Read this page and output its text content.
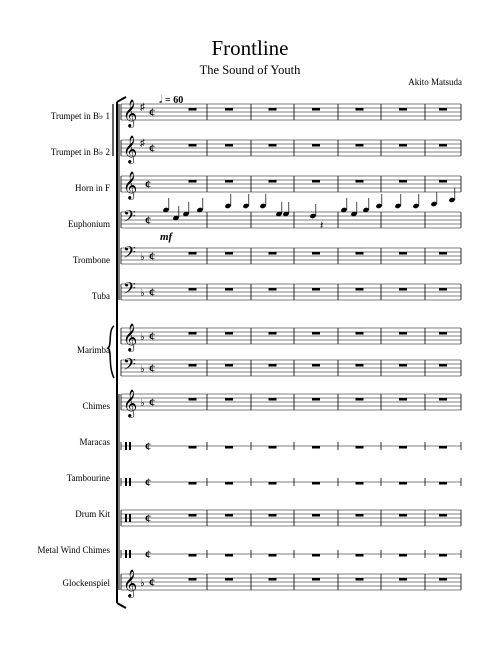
Frontline
The Sound of Youth
Akito Matsuda
𝅗𝅥 = 60
Trumpet in B♭ 1
Trumpet in B♭ 2
Horn in F
Euphonium
Trombone
Tuba
Marimba
Chimes
Maracas
Tambourine
Drum Kit
Metal Wind Chimes
Glockenspiel
𝄞 ♯ ¢
𝄞 ♯ ¢
𝄞 ¢
𝄢 ¢
𝄢 ♭ ¢
𝄢 ♭ ¢
𝄞 ♭ ¢
𝄢 ♭ ¢
𝄞 ♭ ¢
¢
¢
¢
¢
𝄞 ♭ ¢
𝄽
mf
